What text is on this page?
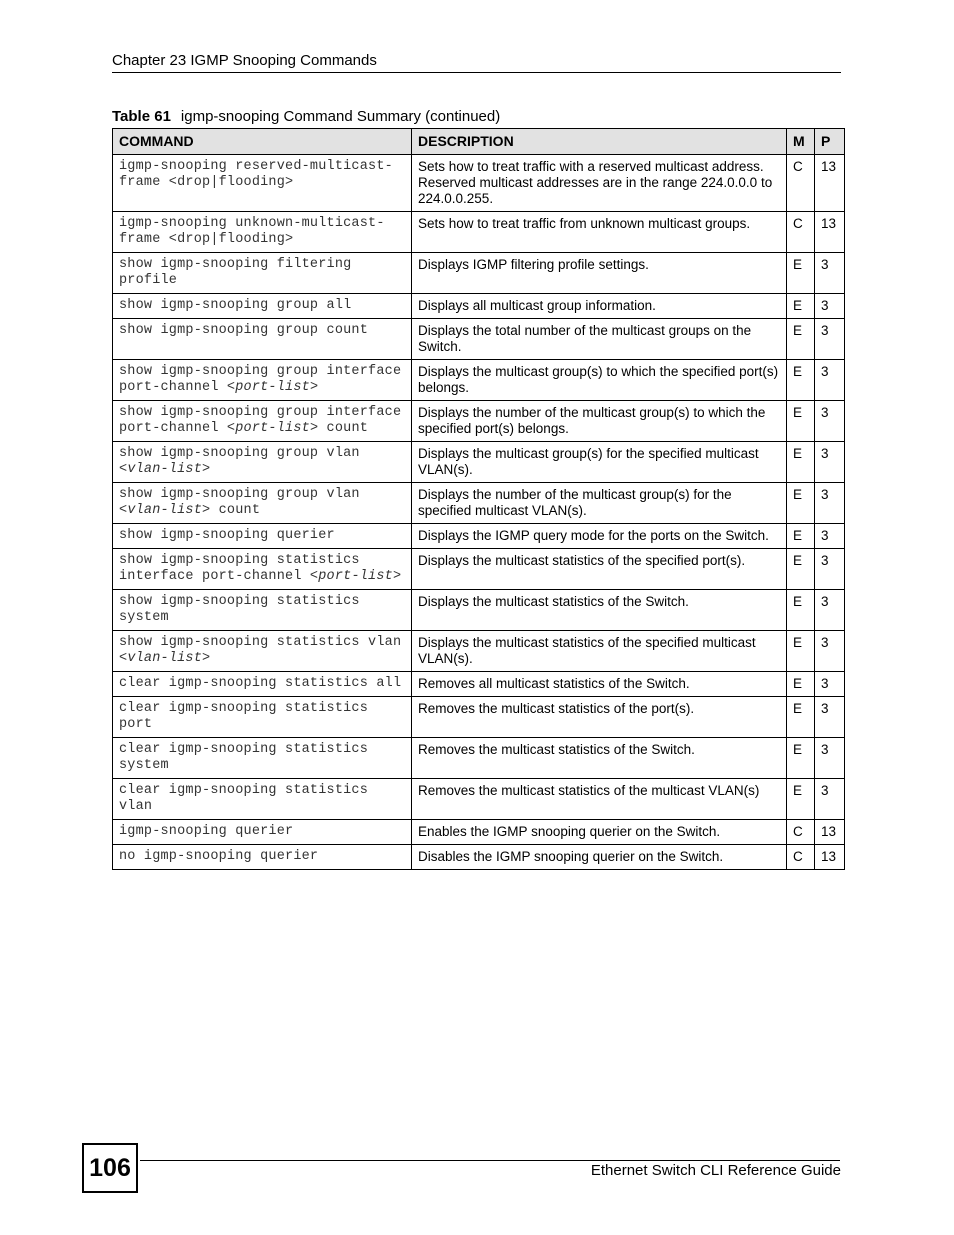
Chapter 23 IGMP Snooping Commands
Table 61 igmp-snooping Command Summary (continued)
COMMAND	DESCRIPTION	M	P
igmp-snooping reserved-multicast-
frame <drop|flooding>	Sets how to treat traffic with a reserved multicast address. Reserved multicast addresses are in the range 224.0.0.0 to 224.0.0.255.	C	13
igmp-snooping unknown-multicast-
frame <drop|flooding>	Sets how to treat traffic from unknown multicast groups.	C	13
show igmp-snooping filtering
profile	Displays IGMP filtering profile settings.	E	3
show igmp-snooping group all	Displays all multicast group information.	E	3
show igmp-snooping group count	Displays the total number of the multicast groups on the Switch.	E	3
show igmp-snooping group interface
port-channel <port-list>	Displays the multicast group(s) to which the specified port(s) belongs.	E	3
show igmp-snooping group interface
port-channel <port-list> count	Displays the number of the multicast group(s) to which the specified port(s) belongs.	E	3
show igmp-snooping group vlan
<vlan-list>	Displays the multicast group(s) for the specified multicast VLAN(s).	E	3
show igmp-snooping group vlan
<vlan-list> count	Displays the number of the multicast group(s) for the specified multicast VLAN(s).	E	3
show igmp-snooping querier	Displays the IGMP query mode for the ports on the Switch.	E	3
show igmp-snooping statistics
interface port-channel <port-list>	Displays the multicast statistics of the specified port(s).	E	3
show igmp-snooping statistics
system	Displays the multicast statistics of the Switch.	E	3
show igmp-snooping statistics vlan
<vlan-list>	Displays the multicast statistics of the specified multicast VLAN(s).	E	3
clear igmp-snooping statistics all	Removes all multicast statistics of the Switch.	E	3
clear igmp-snooping statistics
port	Removes the multicast statistics of the port(s).	E	3
clear igmp-snooping statistics
system	Removes the multicast statistics of the Switch.	E	3
clear igmp-snooping statistics
vlan	Removes the multicast statistics of the multicast VLAN(s)	E	3
igmp-snooping querier	Enables the IGMP snooping querier on the Switch.	C	13
no igmp-snooping querier	Disables the IGMP snooping querier on the Switch.	C	13
106	Ethernet Switch CLI Reference Guide
